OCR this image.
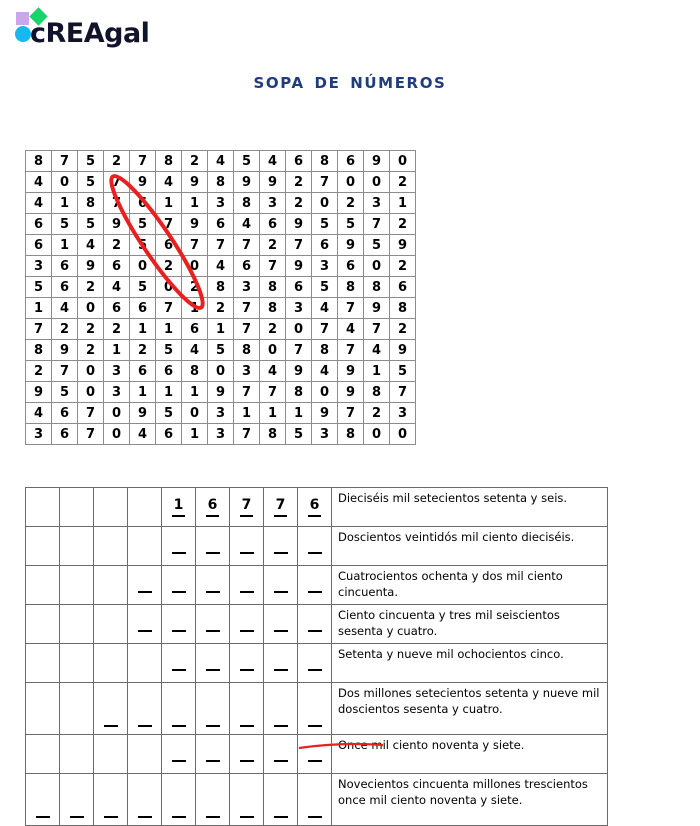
cREAgal
SOPA DE NÚMEROS
8	7	5	2	7	8	2	4	5	4	6	8	6	9	0
4	0	5	7	9	4	9	8	9	9	2	7	0	0	2
4	1	8	7	6	1	1	3	8	3	2	0	2	3	1
6	5	5	9	5	7	9	6	4	6	9	5	5	7	2
6	1	4	2	5	6	7	7	7	2	7	6	9	5	9
3	6	9	6	0	2	0	4	6	7	9	3	6	0	2
5	6	2	4	5	0	2	8	3	8	6	5	8	8	6
1	4	0	6	6	7	1	2	7	8	3	4	7	9	8
7	2	2	2	1	1	6	1	7	2	0	7	4	7	2
8	9	2	1	2	5	4	5	8	0	7	8	7	4	9
2	7	0	3	6	6	8	0	3	4	9	4	9	1	5
9	5	0	3	1	1	1	9	7	7	8	0	9	8	7
4	6	7	0	9	5	0	3	1	1	1	9	7	2	3
3	6	7	0	4	6	1	3	7	8	5	3	8	0	0
				1	6	7	7	6	Dieciséis mil setecientos setenta y seis.
									Doscientos veintidós mil ciento dieciséis.
									Cuatrocientos ochenta y dos mil ciento cincuenta.
									Ciento cincuenta y tres mil seiscientos sesenta y cuatro.
									Setenta y nueve mil ochocientos cinco.
									Dos millones setecientos setenta y nueve mil doscientos sesenta y cuatro.
									Once mil ciento noventa y siete.
									Novecientos cincuenta millones trescientos once mil ciento noventa y siete.
